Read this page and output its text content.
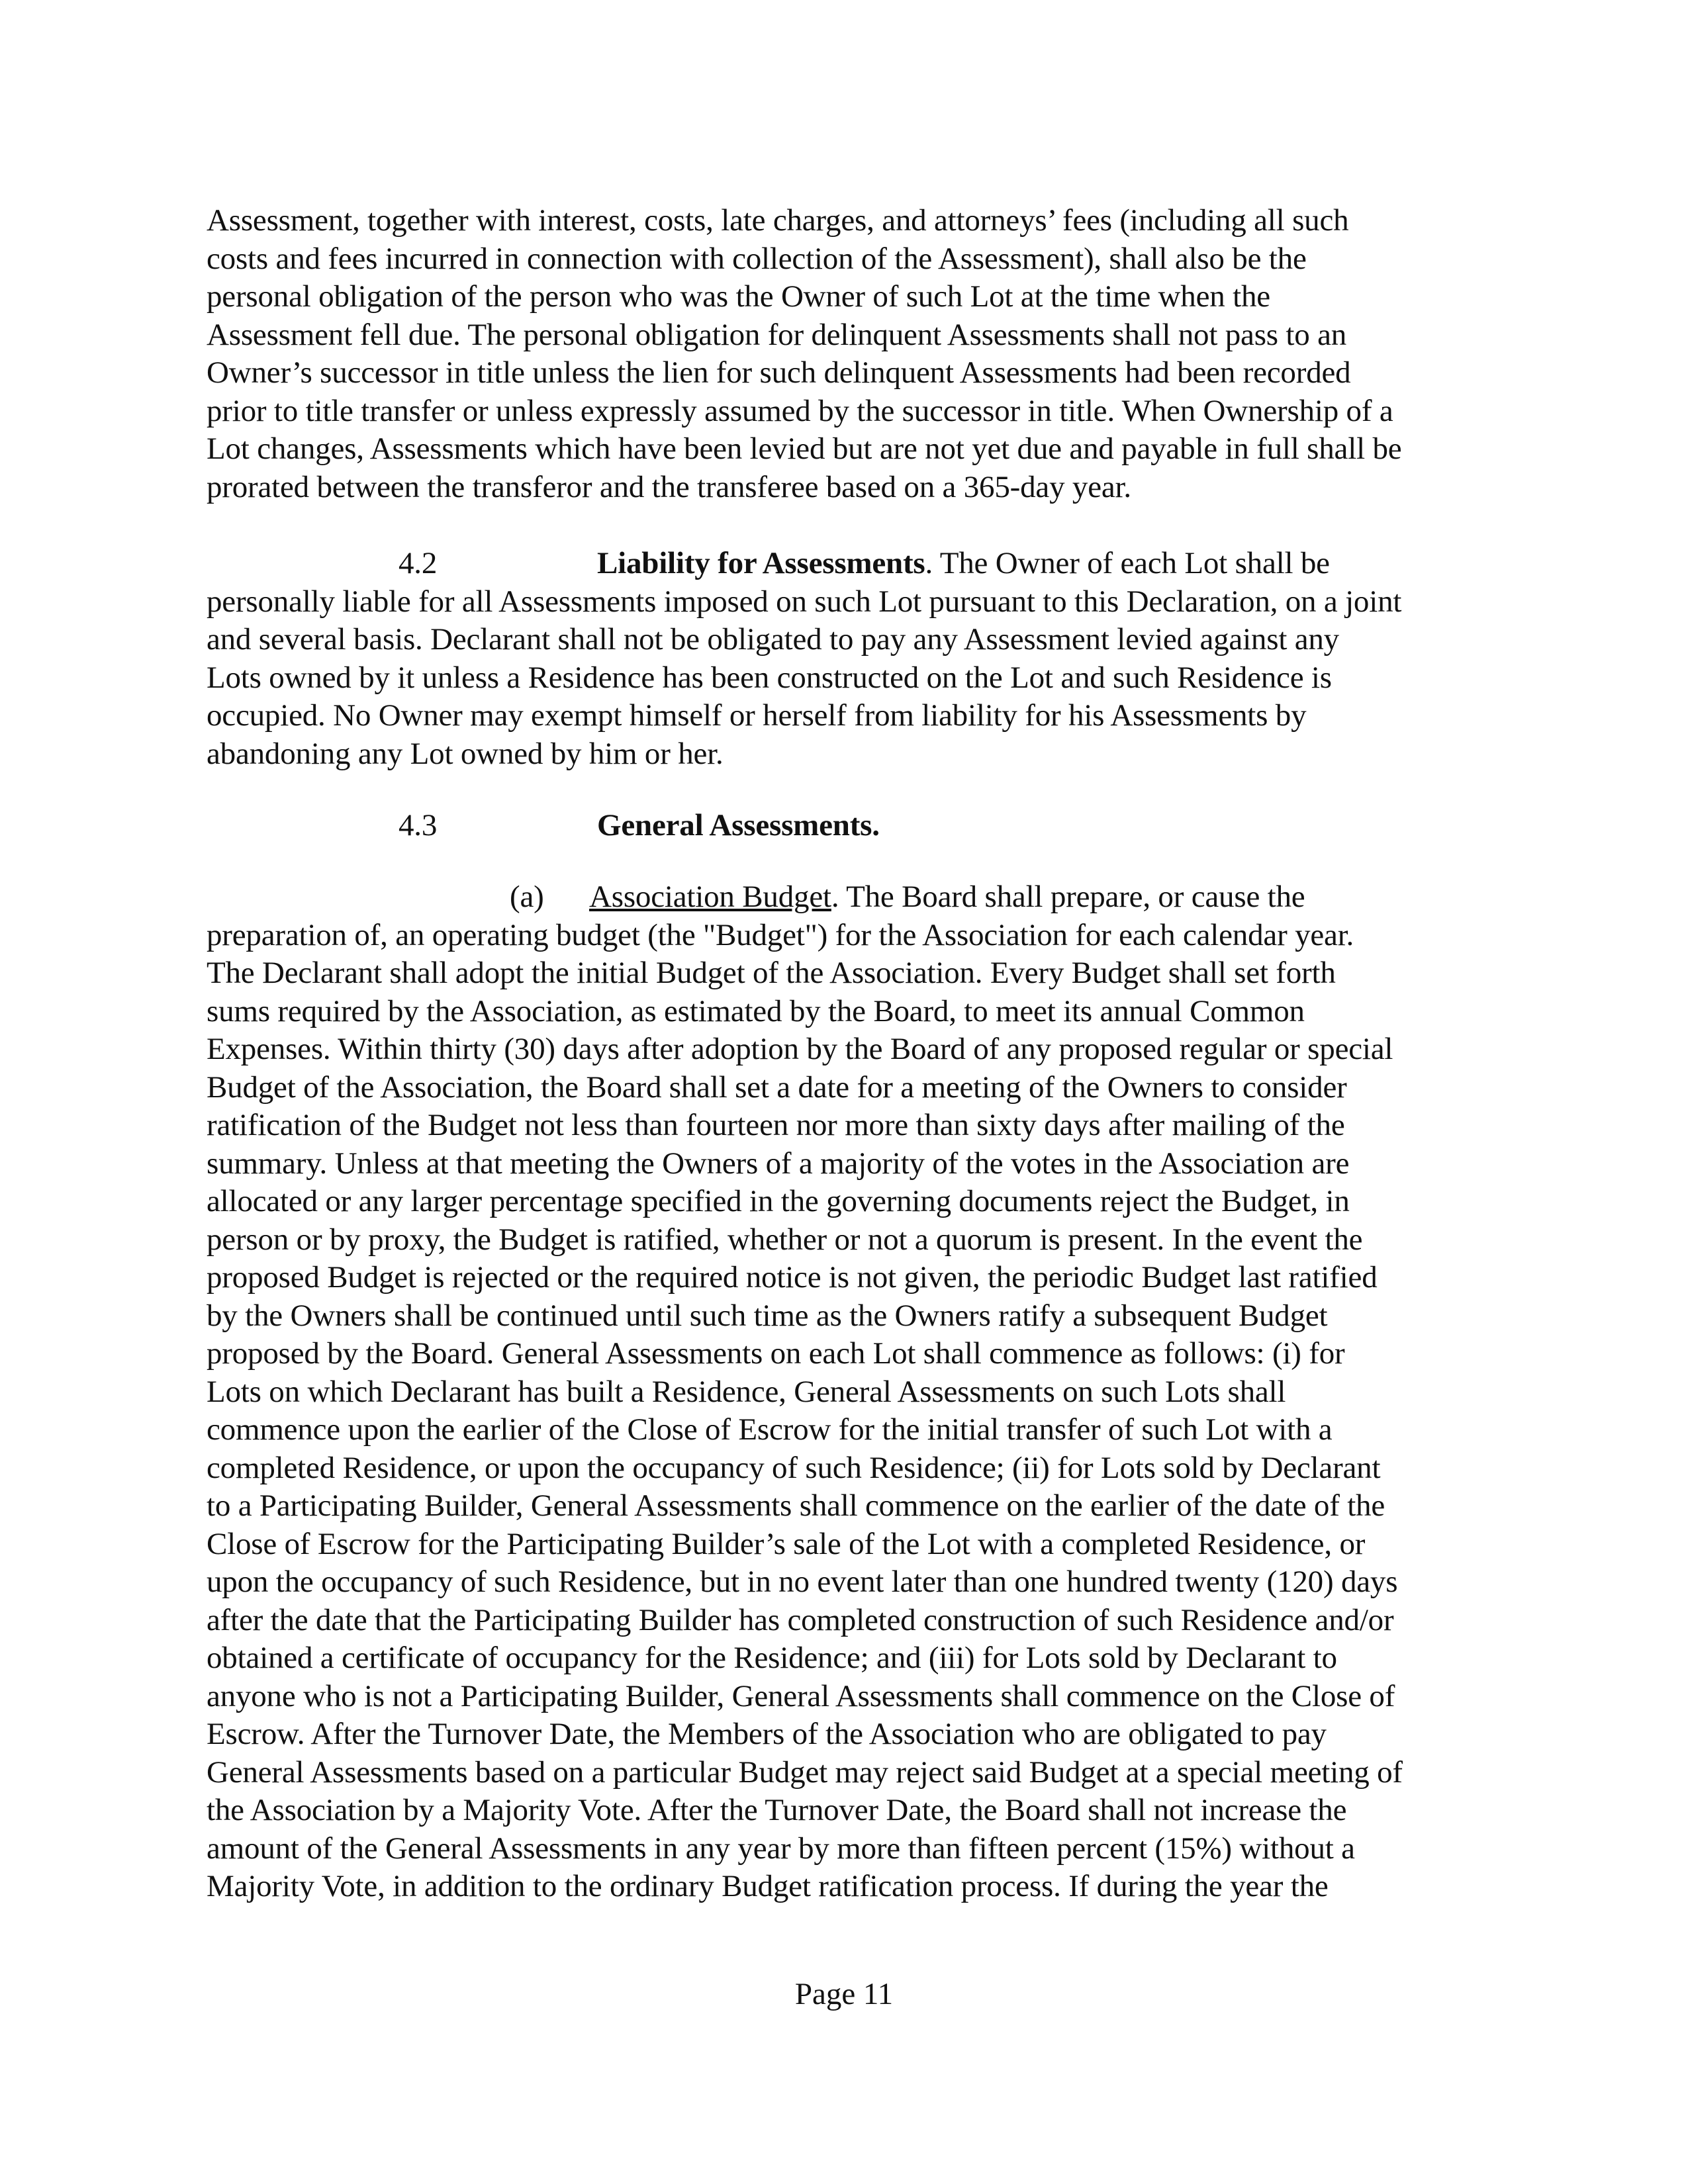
Assessment, together with interest, costs, late charges, and attorneys’ fees (including all such
costs and fees incurred in connection with collection of the Assessment), shall also be the
personal obligation of the person who was the Owner of such Lot at the time when the
Assessment fell due. The personal obligation for delinquent Assessments shall not pass to an
Owner’s successor in title unless the lien for such delinquent Assessments had been recorded
prior to title transfer or unless expressly assumed by the successor in title. When Ownership of a
Lot changes, Assessments which have been levied but are not yet due and payable in full shall be
prorated between the transferor and the transferee based on a 365-day year.
4.2	Liability for Assessments. The Owner of each Lot shall be
personally liable for all Assessments imposed on such Lot pursuant to this Declaration, on a joint
and several basis. Declarant shall not be obligated to pay any Assessment levied against any
Lots owned by it unless a Residence has been constructed on the Lot and such Residence is
occupied. No Owner may exempt himself or herself from liability for his Assessments by
abandoning any Lot owned by him or her.
4.3	General Assessments.
(a) Association Budget. The Board shall prepare, or cause the
preparation of, an operating budget (the "Budget") for the Association for each calendar year.
The Declarant shall adopt the initial Budget of the Association. Every Budget shall set forth
sums required by the Association, as estimated by the Board, to meet its annual Common
Expenses. Within thirty (30) days after adoption by the Board of any proposed regular or special
Budget of the Association, the Board shall set a date for a meeting of the Owners to consider
ratification of the Budget not less than fourteen nor more than sixty days after mailing of the
summary. Unless at that meeting the Owners of a majority of the votes in the Association are
allocated or any larger percentage specified in the governing documents reject the Budget, in
person or by proxy, the Budget is ratified, whether or not a quorum is present. In the event the
proposed Budget is rejected or the required notice is not given, the periodic Budget last ratified
by the Owners shall be continued until such time as the Owners ratify a subsequent Budget
proposed by the Board. General Assessments on each Lot shall commence as follows: (i) for
Lots on which Declarant has built a Residence, General Assessments on such Lots shall
commence upon the earlier of the Close of Escrow for the initial transfer of such Lot with a
completed Residence, or upon the occupancy of such Residence; (ii) for Lots sold by Declarant
to a Participating Builder, General Assessments shall commence on the earlier of the date of the
Close of Escrow for the Participating Builder’s sale of the Lot with a completed Residence, or
upon the occupancy of such Residence, but in no event later than one hundred twenty (120) days
after the date that the Participating Builder has completed construction of such Residence and/or
obtained a certificate of occupancy for the Residence; and (iii) for Lots sold by Declarant to
anyone who is not a Participating Builder, General Assessments shall commence on the Close of
Escrow. After the Turnover Date, the Members of the Association who are obligated to pay
General Assessments based on a particular Budget may reject said Budget at a special meeting of
the Association by a Majority Vote. After the Turnover Date, the Board shall not increase the
amount of the General Assessments in any year by more than fifteen percent (15%) without a
Majority Vote, in addition to the ordinary Budget ratification process. If during the year the
Page 11
